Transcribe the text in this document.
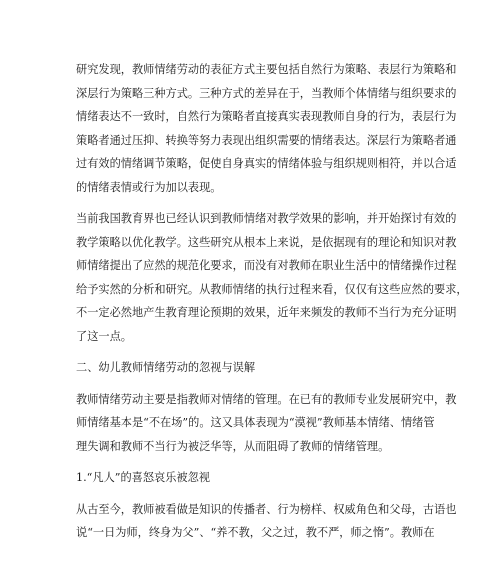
研究发现，教师情绪劳动的表征方式主要包括自然行为策略、表层行为策略和
深层行为策略三种方式。三种方式的差异在于，当教师个体情绪与组织要求的
情绪表达不一致时，自然行为策略者直接真实表现教师自身的行为，表层行为
策略者通过压抑、转换等努力表现出组织需要的情绪表达。深层行为策略者通
过有效的情绪调节策略，促使自身真实的情绪体验与组织规则相符，并以合适
的情绪表情或行为加以表现。

当前我国教育界也已经认识到教师情绪对教学效果的影响，并开始探讨有效的
教学策略以优化教学。这些研究从根本上来说，是依据现有的理论和知识对教
师情绪提出了应然的规范化要求，而没有对教师在职业生活中的情绪操作过程
给予实然的分析和研究。从教师情绪的执行过程来看，仅仅有这些应然的要求，
不一定必然地产生教育理论预期的效果，近年来频发的教师不当行为充分证明
了这一点。

二、幼儿教师情绪劳动的忽视与误解

教师情绪劳动主要是指教师对情绪的管理。在已有的教师专业发展研究中，教
师情绪基本是“不在场”的。这又具体表现为“漠视”教师基本情绪、情绪管
理失调和教师不当行为被泛华等，从而阻碍了教师的情绪管理。

1.“凡人”的喜怒哀乐被忽视

从古至今，教师被看做是知识的传播者、行为榜样、权威角色和父母，古语也
说“一日为师，终身为父”、“养不教，父之过，教不严，师之惰”。教师在
